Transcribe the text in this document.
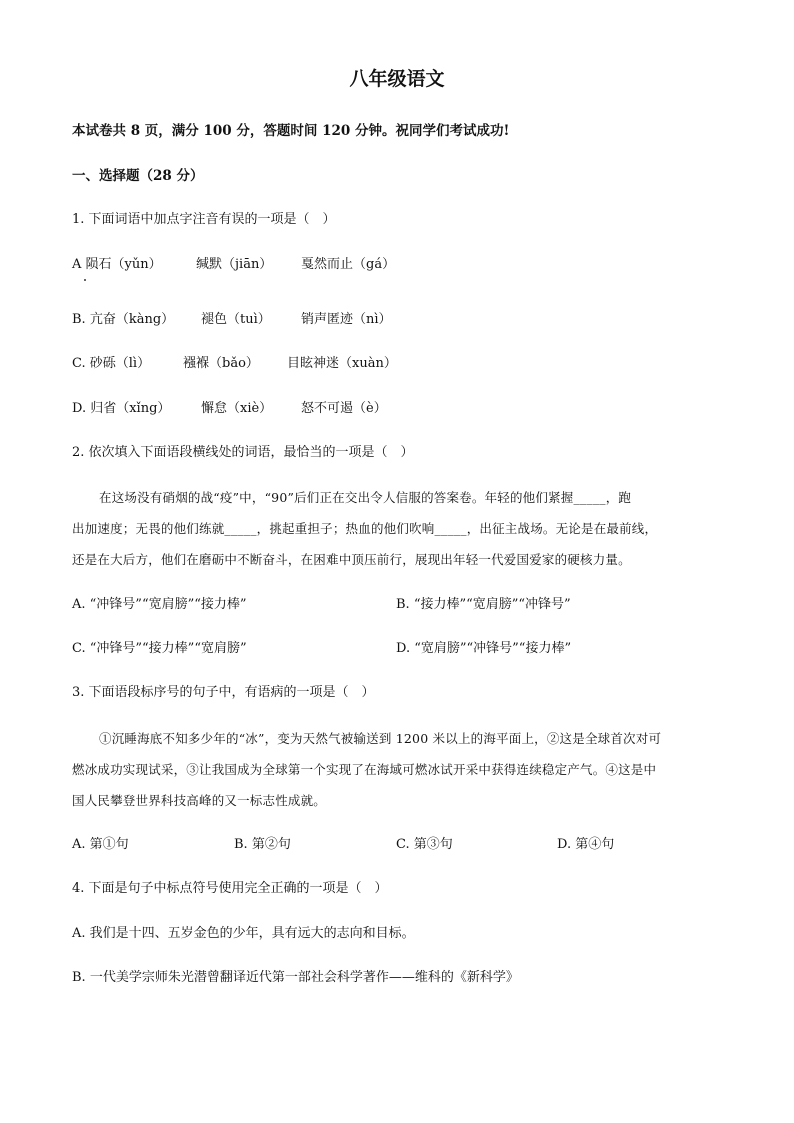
八年级语文
本试卷共 8 页，满分 100 分，答题时间 120 分钟。祝同学们考试成功!
一、选择题（28 分）
1. 下面词语中加点字注音有误的一项是（　）
A 陨石（yǔn）	缄默（jiān） 戛然而止（gá）
B. 亢奋（kàng） 褪色（tuì） 销声匿迹（nì）
C. 砂砾（lì）	襁褓（bǎo） 目眩神迷（xuàn）
D. 归省（xǐng） 懈怠（xiè） 怒不可遏（è）
2. 依次填入下面语段横线处的词语，最恰当的一项是（　）
在这场没有硝烟的战“疫”中，“90”后们正在交出令人信服的答案卷。年轻的他们紧握_____，跑
出加速度；无畏的他们练就_____，挑起重担子；热血的他们吹响_____，出征主战场。无论是在最前线，
还是在大后方，他们在磨砺中不断奋斗，在困难中顶压前行，展现出年轻一代爱国爱家的硬核力量。
A. “冲锋号”“宽肩膀”“接力棒”	B. “接力棒”“宽肩膀”“冲锋号”
C. “冲锋号”“接力棒”“宽肩膀”	D. “宽肩膀”“冲锋号”“接力棒”
3. 下面语段标序号的句子中，有语病的一项是（　）
①沉睡海底不知多少年的“冰”，变为天然气被输送到 1200 米以上的海平面上，②这是全球首次对可
燃冰成功实现试采，③让我国成为全球第一个实现了在海域可燃冰试开采中获得连续稳定产气。④这是中
国人民攀登世界科技高峰的又一标志性成就。
A. 第①句	B. 第②句	C. 第③句	D. 第④句
4. 下面是句子中标点符号使用完全正确的一项是（　）
A. 我们是十四、五岁金色的少年，具有远大的志向和目标。
B. 一代美学宗师朱光潜曾翻译近代第一部社会科学著作——维科的《新科学》
